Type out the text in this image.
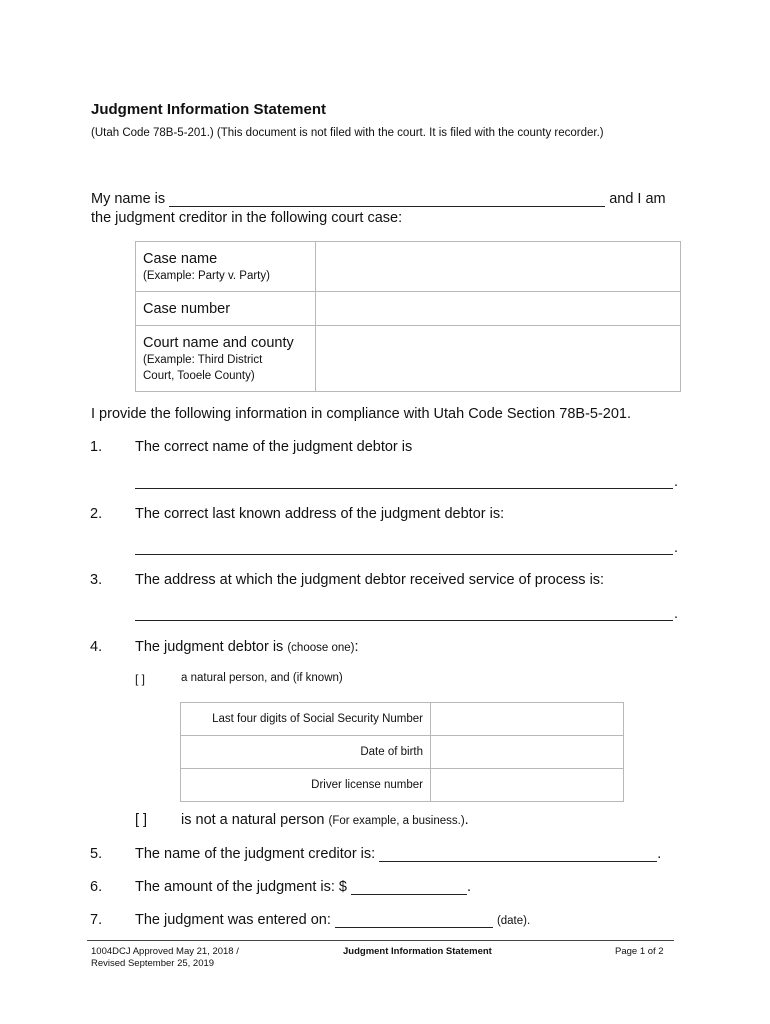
Judgment Information Statement
(Utah Code 78B-5-201.) (This document is not filed with the court. It is filed with the county recorder.)
My name is	and I am
the judgment creditor in the following court case:
Case name
(Example: Party v. Party)	

Case number	

Court name and county
(Example: Third District
Court, Tooele County)	

I provide the following information in compliance with Utah Code Section 78B-5-201.
1. The correct name of the judgment debtor is
.
2. The correct last known address of the judgment debtor is:
.
3. The address at which the judgment debtor received service of process is:
.
4. The judgment debtor is (choose one):
[ ]	a natural person, and (if known)
Last four digits of Social Security Number	
Date of birth	
Driver license number	
[ ] is not a natural person (For example, a business.).
5. The name of the judgment creditor is:	.
6. The amount of the judgment is: $	.
7. The judgment was entered on:	(date).
1004DCJ Approved May 21, 2018 /
Revised September 25, 2019
Judgment Information Statement	Page 1 of 2
